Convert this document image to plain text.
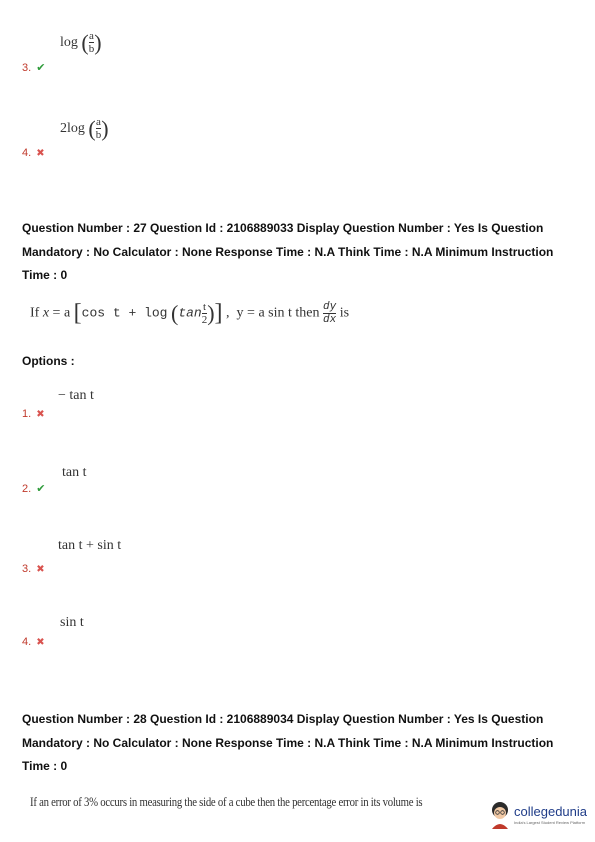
log ( $\frac{a}{b}$ )
3. ✔
2log ( $\frac{a}{b}$ )
4. ✖
Question Number : 27 Question Id : 2106889033 Display Question Number : Yes Is Question
Mandatory : No Calculator : None Response Time : N.A Think Time : N.A Minimum Instruction
Time : 0
If x = a [cos $t + \log (\tan \frac{t}{2}$ )] , y = a sin t then $\frac{dy}{dx}$ is
Options :
− tan t
1. ✖
tan t
2. ✔
tan t + sin t
3. ✖
sin t
4. ✖
Question Number : 28 Question Id : 2106889034 Display Question Number : Yes Is Question
Mandatory : No Calculator : None Response Time : N.A Think Time : N.A Minimum Instruction
Time : 0
If an error of 3% occurs in measuring the side of a cube then the percentage error in its volume is
collegedunia
India's Largest Student Review Platform
